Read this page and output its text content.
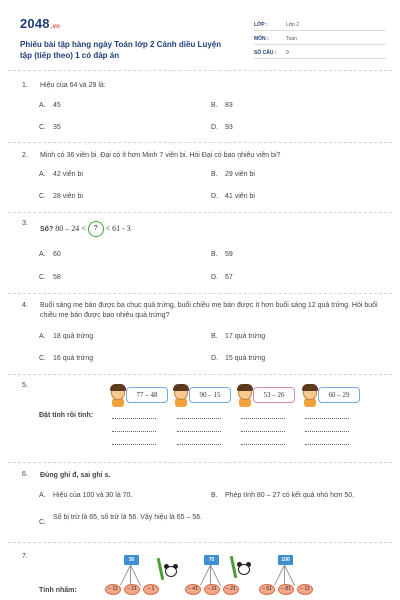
2048.vn
Phiếu bài tập hàng ngày Toán lớp 2 Cánh diều Luyện tập (tiếp theo) 1 có đáp án
LỚP :	Lớp 2
MÔN :	Toán
SỐ CÂU : 9
1. Hiệu của 64 và 29 là:
A. 45	B. 83
C. 35	D. 93
2. Minh có 36 viên bi. Đại có ít hơn Minh 7 viên bi. Hỏi Đại có bao nhiêu viên bi?
A. 42 viên bi	B. 29 viên bi
C. 28 viên bi	D. 41 viên bi
3.
Số? 80 – 24 < ? < 61 - 3
A. 60	B. 59
C. 58	D. 57
4. Buổi sáng mẹ bán được ba chục quả trứng, buổi chiều mẹ bán được ít hơn buổi sáng 12 quả trứng. Hỏi buổi chiều mẹ bán được bao nhiêu quả trứng?
A. 18 quả trứng	B. 17 quả trứng
C. 16 quả trứng	D. 15 quả trứng
5.
77 – 48	90 – 15	53 – 26	60 – 29
Đặt tính rồi tính:
6. Đúng ghi đ, sai ghi s.
A. Hiệu của 100 và 30 là 70.	B. Phép tính 80 – 27 có kết quả nhỏ hơn 50.
C.
Số bị trừ là 65, số trừ là 56. Vậy hiệu là 65 – 56.
7.
Tính nhẩm:
30	70	100
– 11	– 21	– 1	– 41	– 31	– 21	– 51	– 81	– 11
